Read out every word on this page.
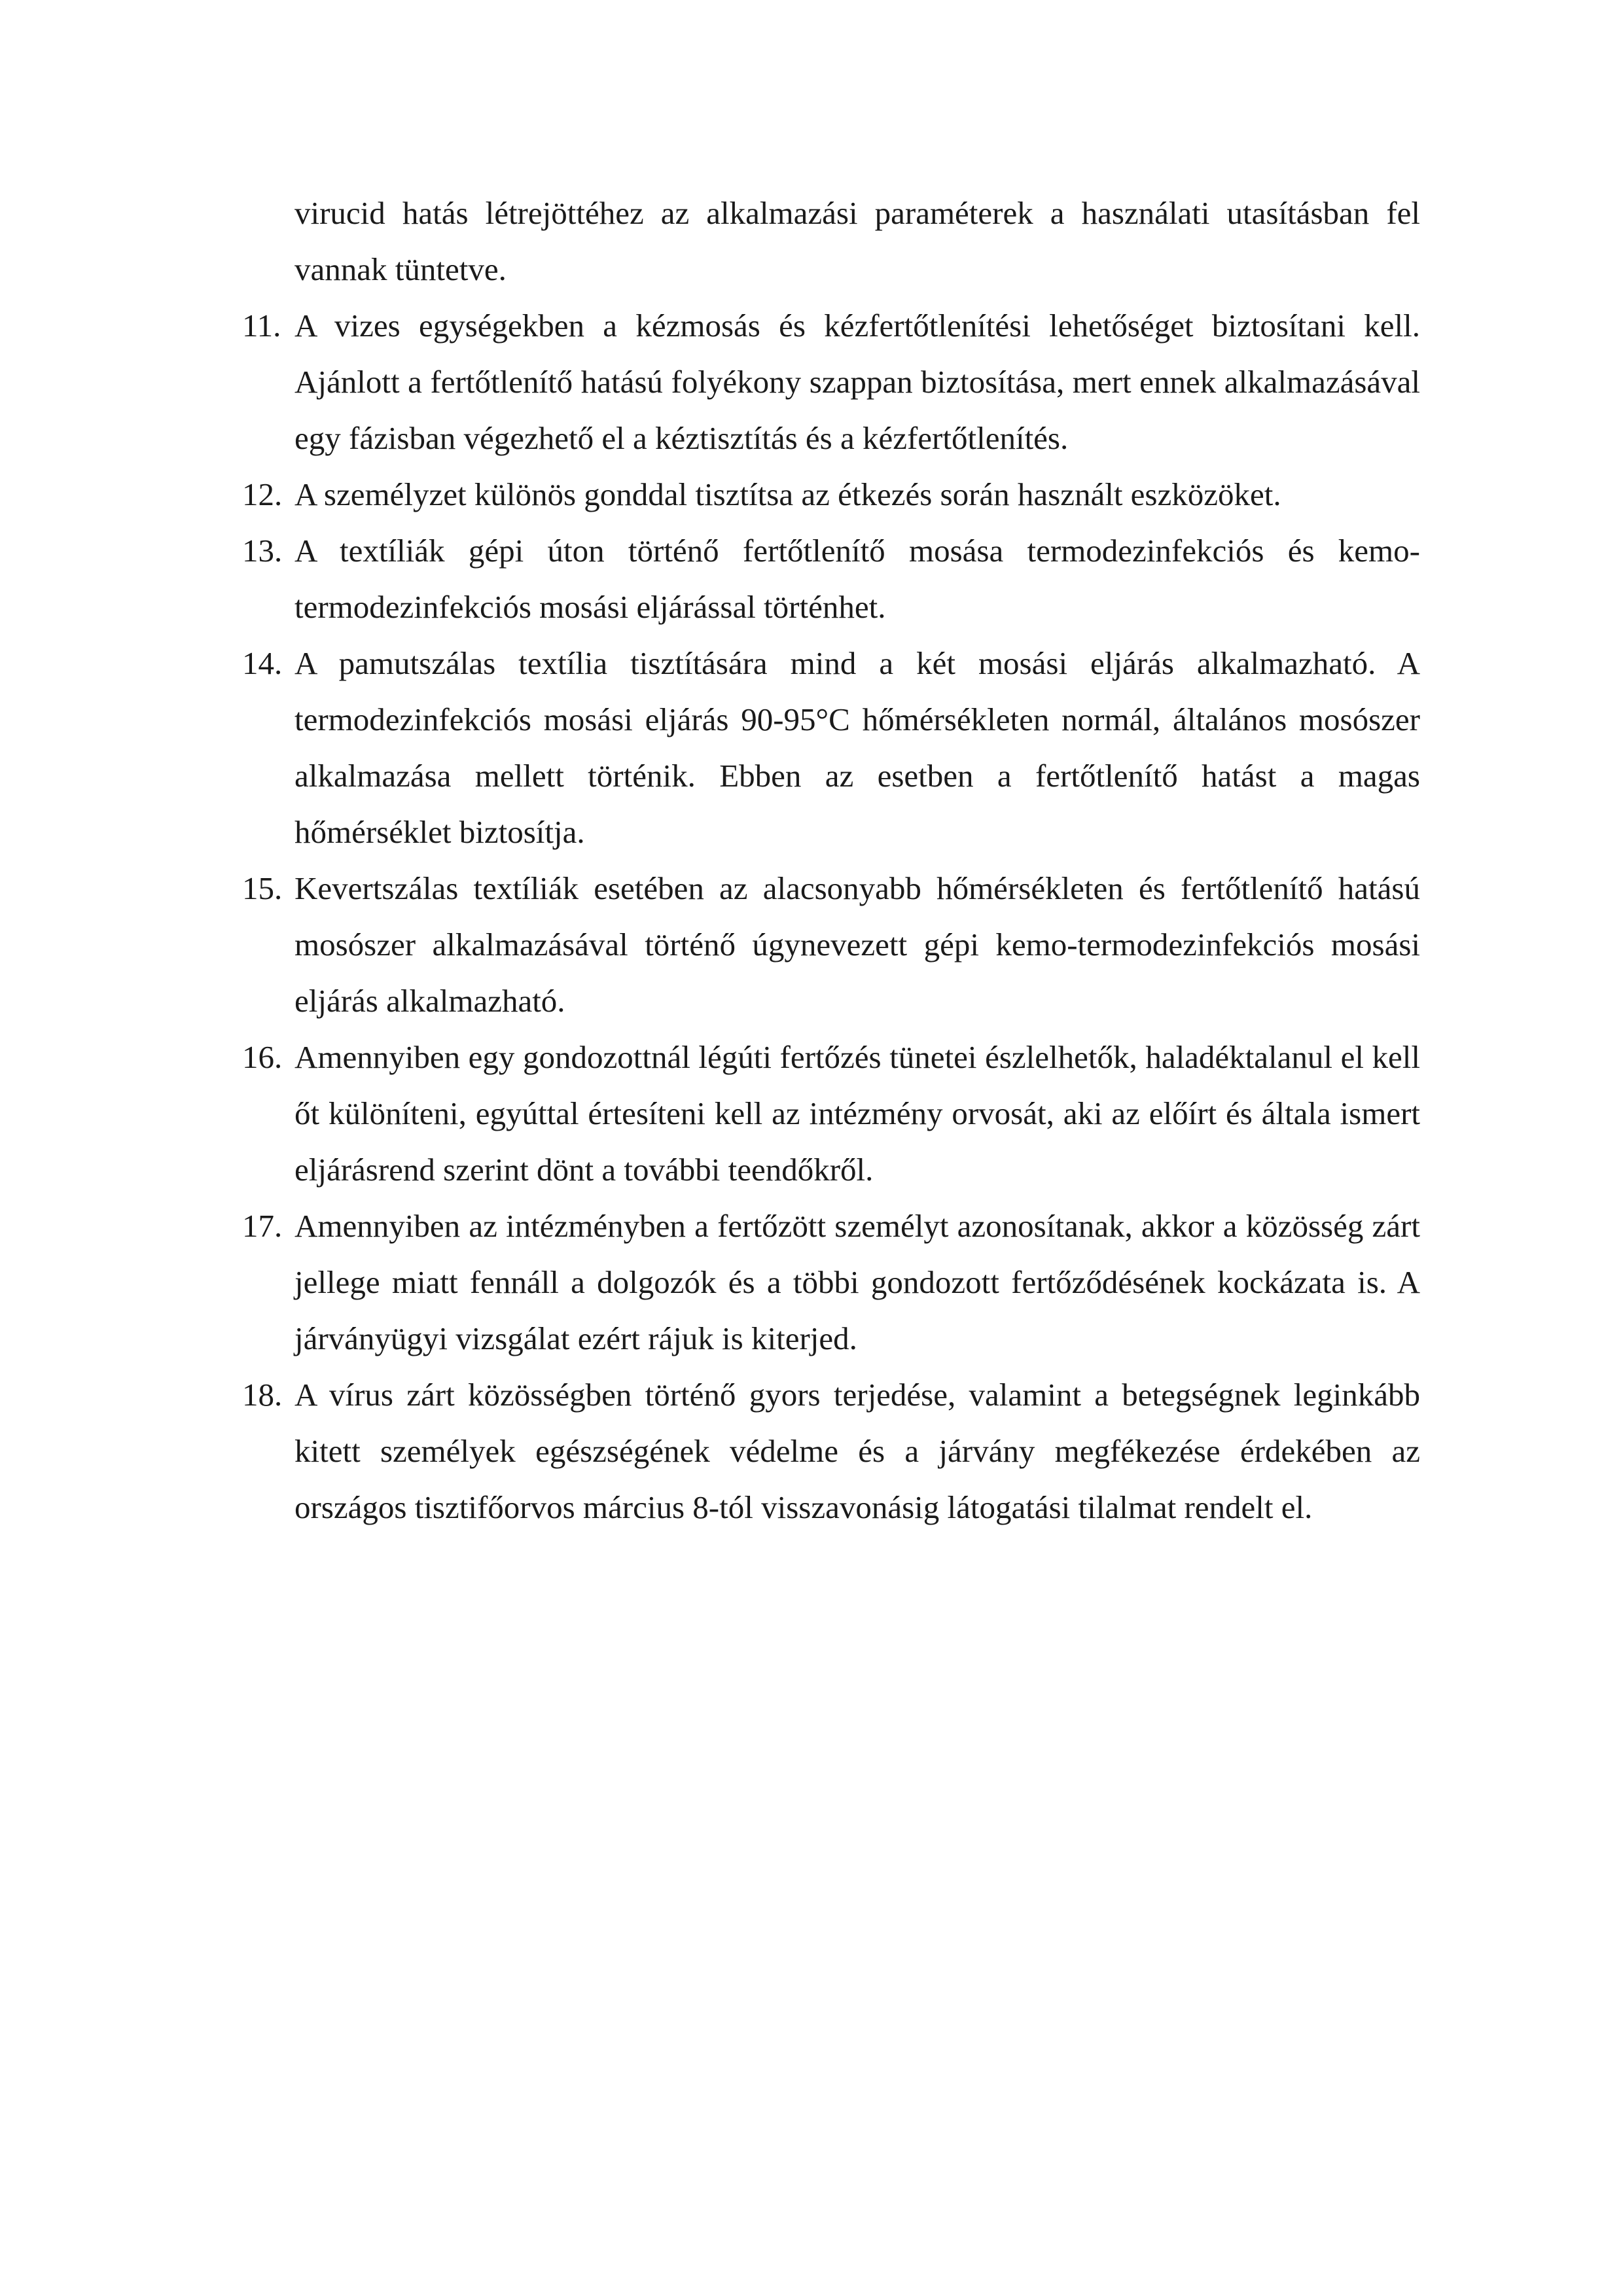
virucid hatás létrejöttéhez az alkalmazási paraméterek a használati utasításban fel vannak tüntetve.
11. A vizes egységekben a kézmosás és kézfertőtlenítési lehetőséget biztosítani kell. Ajánlott a fertőtlenítő hatású folyékony szappan biztosítása, mert ennek alkalmazásával egy fázisban végezhető el a kéztisztítás és a kézfertőtlenítés.
12. A személyzet különös gonddal tisztítsa az étkezés során használt eszközöket.
13. A textíliák gépi úton történő fertőtlenítő mosása termodezinfekciós és kemo-termodezinfekciós mosási eljárással történhet.
14. A pamutszálas textília tisztítására mind a két mosási eljárás alkalmazható. A termodezinfekciós mosási eljárás 90-95°C hőmérsékleten normál, általános mosószer alkalmazása mellett történik. Ebben az esetben a fertőtlenítő hatást a magas hőmérséklet biztosítja.
15. Kevertszálas textíliák esetében az alacsonyabb hőmérsékleten és fertőtlenítő hatású mosószer alkalmazásával történő úgynevezett gépi kemo-termodezinfekciós mosási eljárás alkalmazható.
16. Amennyiben egy gondozottnál légúti fertőzés tünetei észlelhetők, haladéktalanul el kell őt különíteni, egyúttal értesíteni kell az intézmény orvosát, aki az előírt és általa ismert eljárásrend szerint dönt a további teendőkről.
17. Amennyiben az intézményben a fertőzött személyt azonosítanak, akkor a közösség zárt jellege miatt fennáll a dolgozók és a többi gondozott fertőződésének kockázata is. A járványügyi vizsgálat ezért rájuk is kiterjed.
18. A vírus zárt közösségben történő gyors terjedése, valamint a betegségnek leginkább kitett személyek egészségének védelme és a járvány megfékezése érdekében az országos tisztifőorvos március 8-tól visszavonásig látogatási tilalmat rendelt el.
